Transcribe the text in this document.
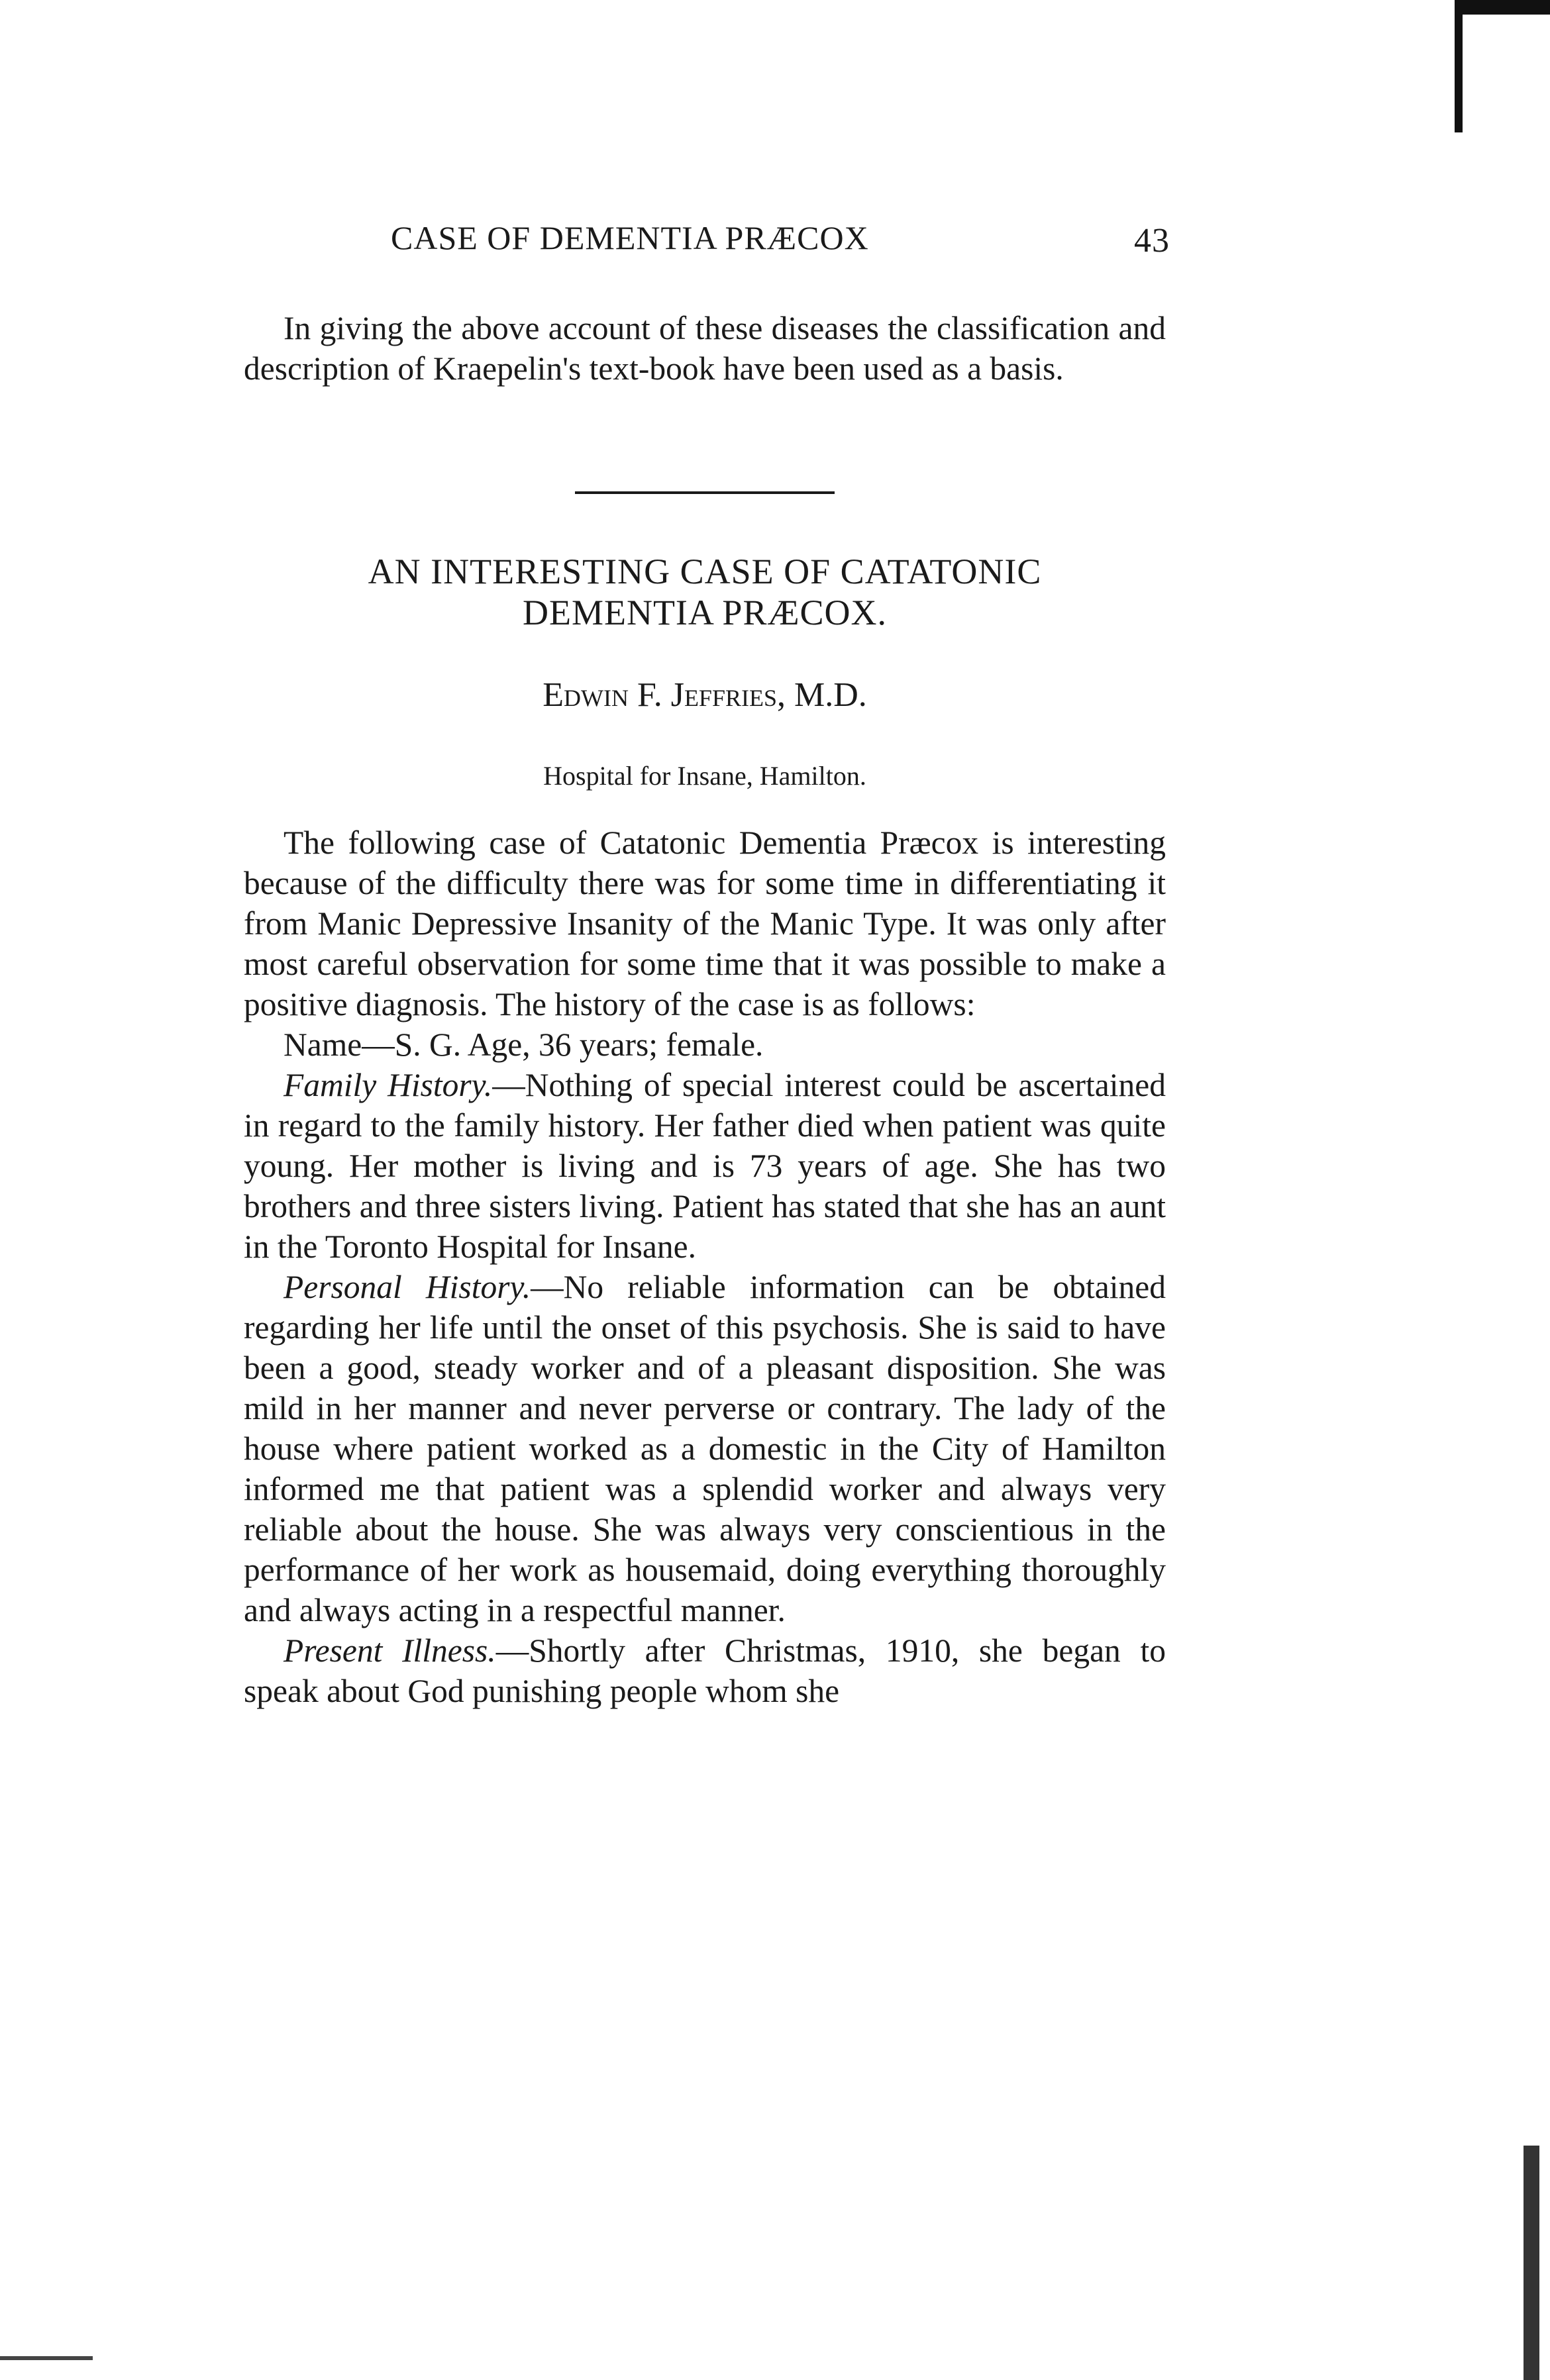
CASE OF DEMENTIA PRÆCOX	43

In giving the above account of these diseases the classification and description of Kraepelin's text-book have been used as a basis.

AN INTERESTING CASE OF CATATONIC
DEMENTIA PRÆCOX.
Edwin F. Jeffries, M.D.
Hospital for Insane, Hamilton.

The following case of Catatonic Dementia Præcox is interesting because of the difficulty there was for some time in differentiating it from Manic Depressive Insanity of the Manic Type. It was only after most careful observation for some time that it was possible to make a positive diagnosis. The history of the case is as follows:

Name—S. G. Age, 36 years; female.

Family History.—Nothing of special interest could be ascertained in regard to the family history. Her father died when patient was quite young. Her mother is living and is 73 years of age. She has two brothers and three sisters living. Patient has stated that she has an aunt in the Toronto Hospital for Insane.

Personal History.—No reliable information can be obtained regarding her life until the onset of this psychosis. She is said to have been a good, steady worker and of a pleasant disposition. She was mild in her manner and never perverse or contrary. The lady of the house where patient worked as a domestic in the City of Hamilton informed me that patient was a splendid worker and always very reliable about the house. She was always very conscientious in the performance of her work as housemaid, doing everything thoroughly and always acting in a respectful manner.

Present Illness.—Shortly after Christmas, 1910, she began to speak about God punishing people whom she
